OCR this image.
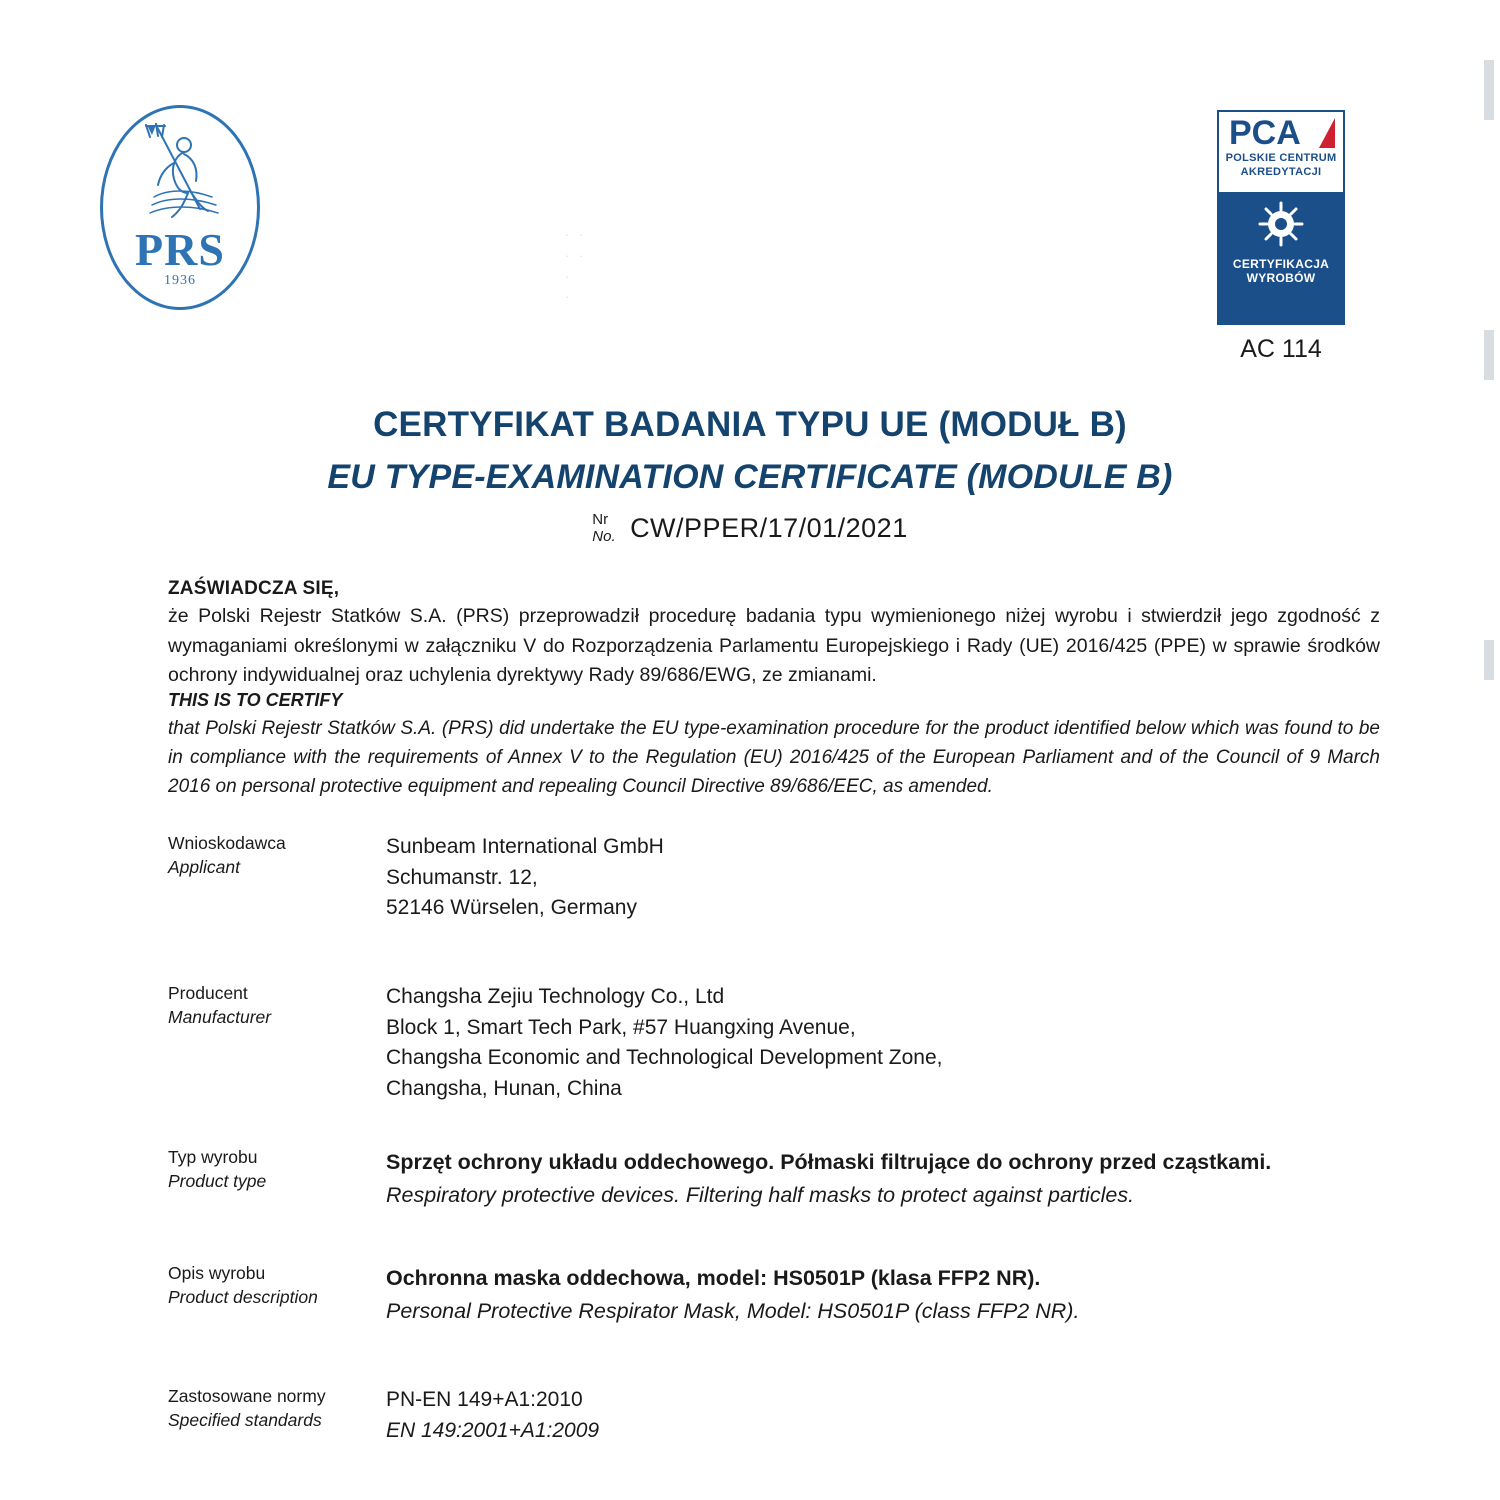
PRS
1936
· ·
· ·
·
·
PCA
POLSKIE CENTRUM
AKREDYTACJI
CERTYFIKACJA
WYROBÓW
AC 114
CERTYFIKAT BADANIA TYPU UE (MODUŁ B)
EU TYPE-EXAMINATION CERTIFICATE (MODULE B)
Nr
No. CW/PPER/17/01/2021
ZAŚWIADCZA SIĘ,
że Polski Rejestr Statków S.A. (PRS) przeprowadził procedurę badania typu wymienionego niżej wyrobu i stwierdził jego zgodność z wymaganiami określonymi w załączniku V do Rozporządzenia Parlamentu Europejskiego i Rady (UE) 2016/425 (PPE) w sprawie środków ochrony indywidualnej oraz uchylenia dyrektywy Rady 89/686/EWG, ze zmianami.
THIS IS TO CERTIFY
that Polski Rejestr Statków S.A. (PRS) did undertake the EU type-examination procedure for the product identified below which was found to be in compliance with the requirements of Annex V to the Regulation (EU) 2016/425 of the European Parliament and of the Council of 9 March 2016 on personal protective equipment and repealing Council Directive 89/686/EEC, as amended.
Wnioskodawca
Applicant
Sunbeam International GmbH
Schumanstr. 12,
52146 Würselen, Germany
Producent
Manufacturer
Changsha Zejiu Technology Co., Ltd
Block 1, Smart Tech Park, #57 Huangxing Avenue,
Changsha Economic and Technological Development Zone,
Changsha, Hunan, China
Typ wyrobu
Product type
Sprzęt ochrony układu oddechowego. Półmaski filtrujące do ochrony przed cząstkami.
Respiratory protective devices. Filtering half masks to protect against particles.
Opis wyrobu
Product description
Ochronna maska oddechowa, model: HS0501P (klasa FFP2 NR).
Personal Protective Respirator Mask, Model: HS0501P (class FFP2 NR).
Zastosowane normy
Specified standards
PN-EN 149+A1:2010
EN 149:2001+A1:2009
